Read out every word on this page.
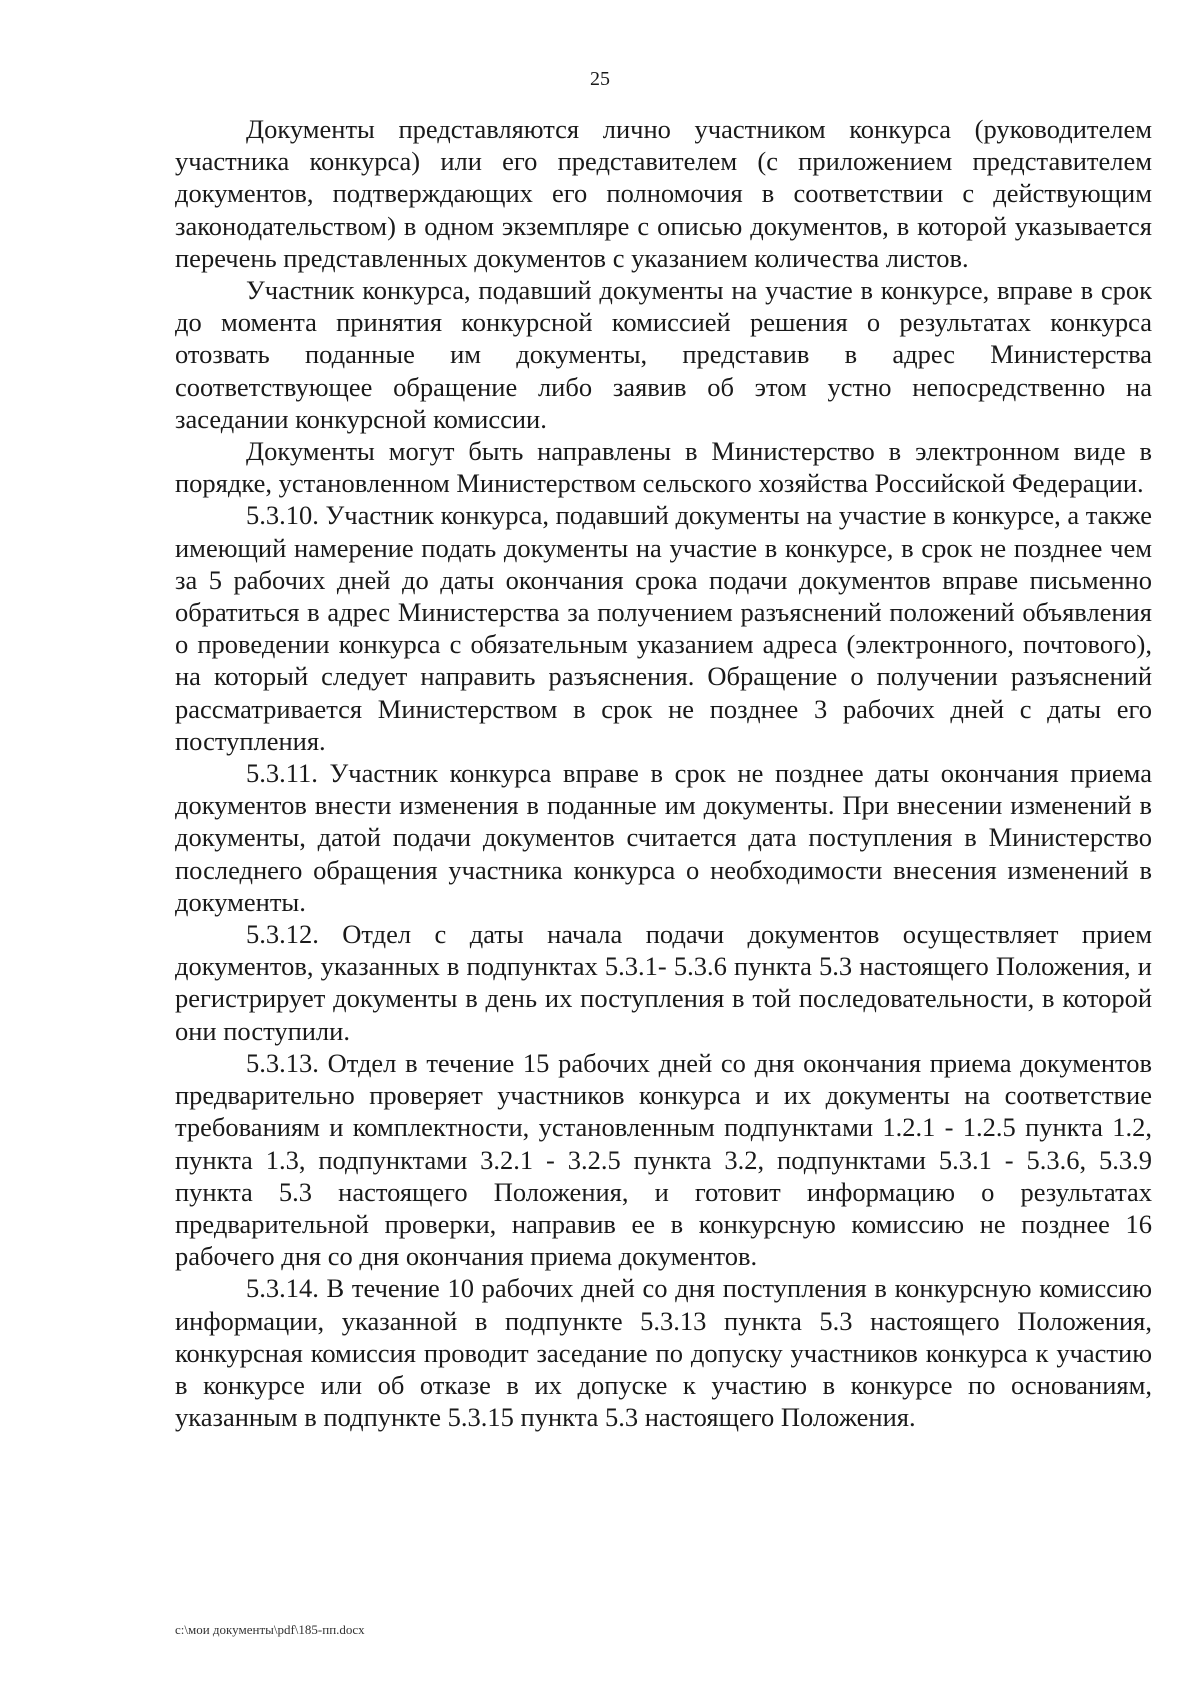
25

Документы представляются лично участником конкурса (руководителем участника конкурса) или его представителем (с приложением представителем документов, подтверждающих его полномочия в соответствии с действующим законодательством) в одном экземпляре с описью документов, в которой указывается перечень представленных документов с указанием количества листов.

Участник конкурса, подавший документы на участие в конкурсе, вправе в срок до момента принятия конкурсной комиссией решения о результатах конкурса отозвать поданные им документы, представив в адрес Министерства соответствующее обращение либо заявив об этом устно непосредственно на заседании конкурсной комиссии.

Документы могут быть направлены в Министерство в электронном виде в порядке, установленном Министерством сельского хозяйства Российской Федерации.

5.3.10. Участник конкурса, подавший документы на участие в конкурсе, а также имеющий намерение подать документы на участие в конкурсе, в срок не позднее чем за 5 рабочих дней до даты окончания срока подачи документов вправе письменно обратиться в адрес Министерства за получением разъяснений положений объявления о проведении конкурса с обязательным указанием адреса (электронного, почтового), на который следует направить разъяснения. Обращение о получении разъяснений рассматривается Министерством в срок не позднее 3 рабочих дней с даты его поступления.

5.3.11. Участник конкурса вправе в срок не позднее даты окончания приема документов внести изменения в поданные им документы. При внесении изменений в документы, датой подачи документов считается дата поступления в Министерство последнего обращения участника конкурса о необходимости внесения изменений в документы.

5.3.12. Отдел с даты начала подачи документов осуществляет прием документов, указанных в подпунктах 5.3.1- 5.3.6 пункта 5.3 настоящего Положения, и регистрирует документы в день их поступления в той последовательности, в которой они поступили.

5.3.13. Отдел в течение 15 рабочих дней со дня окончания приема документов предварительно проверяет участников конкурса и их документы на соответствие требованиям и комплектности, установленным подпунктами 1.2.1 - 1.2.5 пункта 1.2, пункта 1.3, подпунктами 3.2.1 - 3.2.5 пункта 3.2, подпунктами 5.3.1 - 5.3.6, 5.3.9 пункта 5.3 настоящего Положения, и готовит информацию о результатах предварительной проверки, направив ее в конкурсную комиссию не позднее 16 рабочего дня со дня окончания приема документов.

5.3.14. В течение 10 рабочих дней со дня поступления в конкурсную комиссию информации, указанной в подпункте 5.3.13 пункта 5.3 настоящего Положения, конкурсная комиссия проводит заседание по допуску участников конкурса к участию в конкурсе или об отказе в их допуске к участию в конкурсе по основаниям, указанным в подпункте 5.3.15 пункта 5.3 настоящего Положения.

c:\мои документы\pdf\185-пп.docx
